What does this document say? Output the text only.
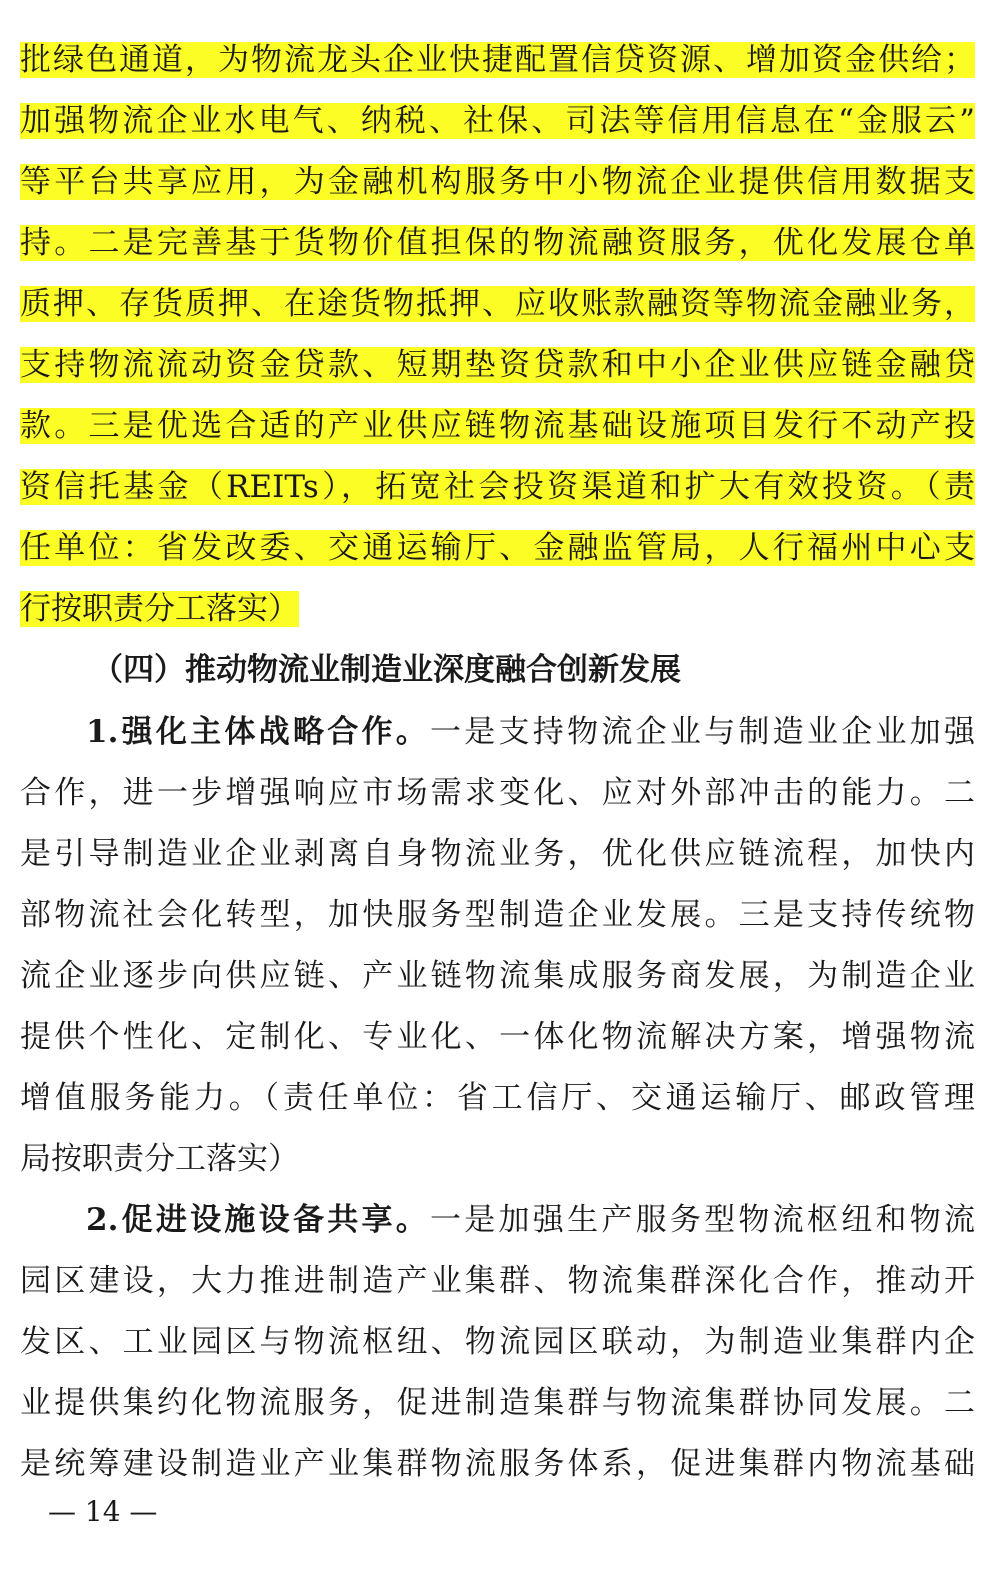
批绿色通道，为物流龙头企业快捷配置信贷资源、增加资金供给；
加强物流企业水电气、纳税、社保、司法等信用信息在“金服云”
等平台共享应用，为金融机构服务中小物流企业提供信用数据支
持。二是完善基于货物价值担保的物流融资服务，优化发展仓单
质押、存货质押、在途货物抵押、应收账款融资等物流金融业务，
支持物流流动资金贷款、短期垫资贷款和中小企业供应链金融贷
款。三是优选合适的产业供应链物流基础设施项目发行不动产投
资信托基金（REITs），拓宽社会投资渠道和扩大有效投资。（责
任单位：省发改委、交通运输厅、金融监管局，人行福州中心支
行按职责分工落实）
（四）推动物流业制造业深度融合创新发展
1.强化主体战略合作。一是支持物流企业与制造业企业加强
合作，进一步增强响应市场需求变化、应对外部冲击的能力。二
是引导制造业企业剥离自身物流业务，优化供应链流程，加快内
部物流社会化转型，加快服务型制造企业发展。三是支持传统物
流企业逐步向供应链、产业链物流集成服务商发展，为制造企业
提供个性化、定制化、专业化、一体化物流解决方案，增强物流
增值服务能力。（责任单位：省工信厅、交通运输厅、邮政管理
局按职责分工落实）
2.促进设施设备共享。一是加强生产服务型物流枢纽和物流
园区建设，大力推进制造产业集群、物流集群深化合作，推动开
发区、工业园区与物流枢纽、物流园区联动，为制造业集群内企
业提供集约化物流服务，促进制造集群与物流集群协同发展。二
是统筹建设制造业产业集群物流服务体系，促进集群内物流基础
— 14 —
